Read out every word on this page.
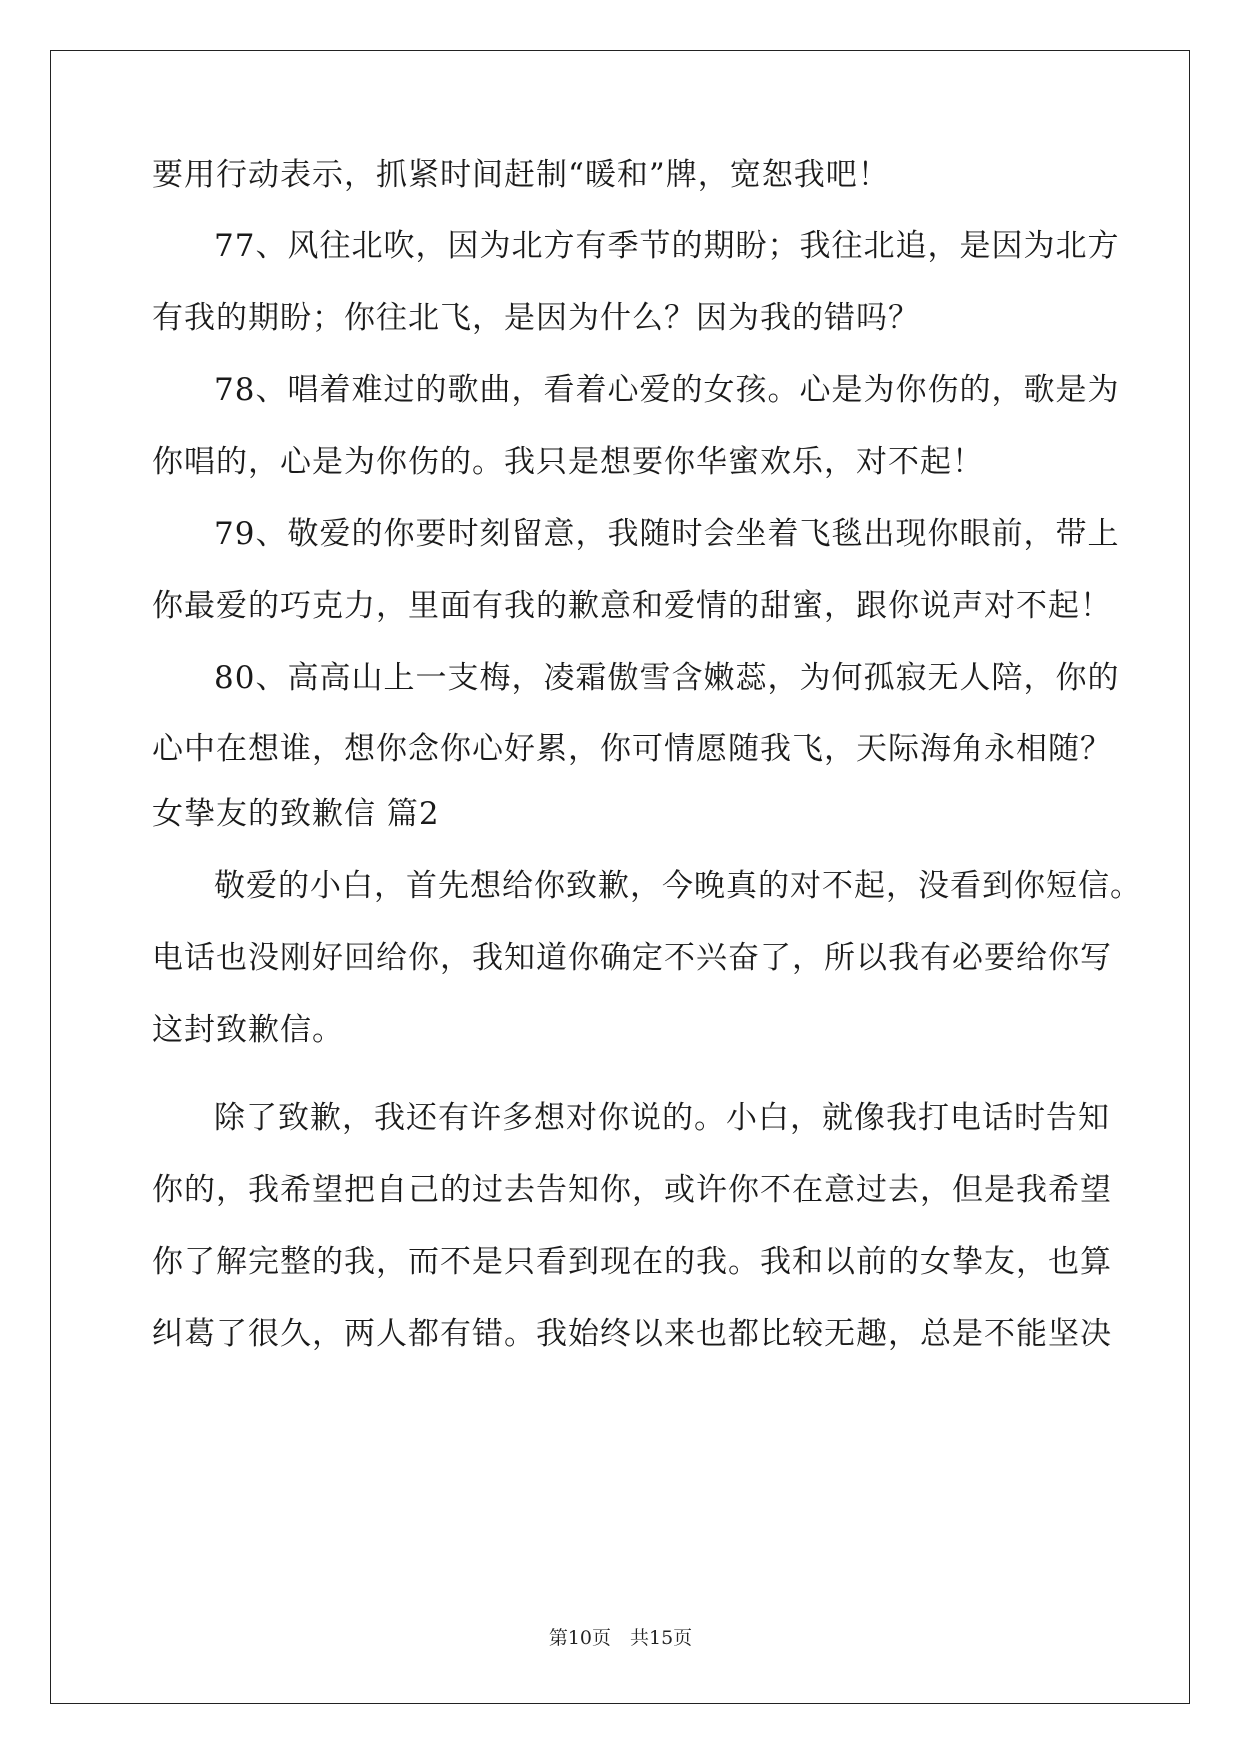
要用行动表示，抓紧时间赶制“暖和”牌，宽恕我吧！
77、风往北吹，因为北方有季节的期盼；我往北追，是因为北方
有我的期盼；你往北飞，是因为什么？因为我的错吗？
78、唱着难过的歌曲，看着心爱的女孩。心是为你伤的，歌是为
你唱的，心是为你伤的。我只是想要你华蜜欢乐，对不起！
79、敬爱的你要时刻留意，我随时会坐着飞毯出现你眼前，带上
你最爱的巧克力，里面有我的歉意和爱情的甜蜜，跟你说声对不起！
80、高高山上一支梅，凌霜傲雪含嫩蕊，为何孤寂无人陪，你的
心中在想谁，想你念你心好累，你可情愿随我飞，天际海角永相随？
女挚友的致歉信 篇2
敬爱的小白，首先想给你致歉，今晚真的对不起，没看到你短信。
电话也没刚好回给你，我知道你确定不兴奋了，所以我有必要给你写
这封致歉信。
除了致歉，我还有许多想对你说的。小白，就像我打电话时告知
你的，我希望把自己的过去告知你，或许你不在意过去，但是我希望
你了解完整的我，而不是只看到现在的我。我和以前的女挚友，也算
纠葛了很久，两人都有错。我始终以来也都比较无趣，总是不能坚决
第10页　共15页
